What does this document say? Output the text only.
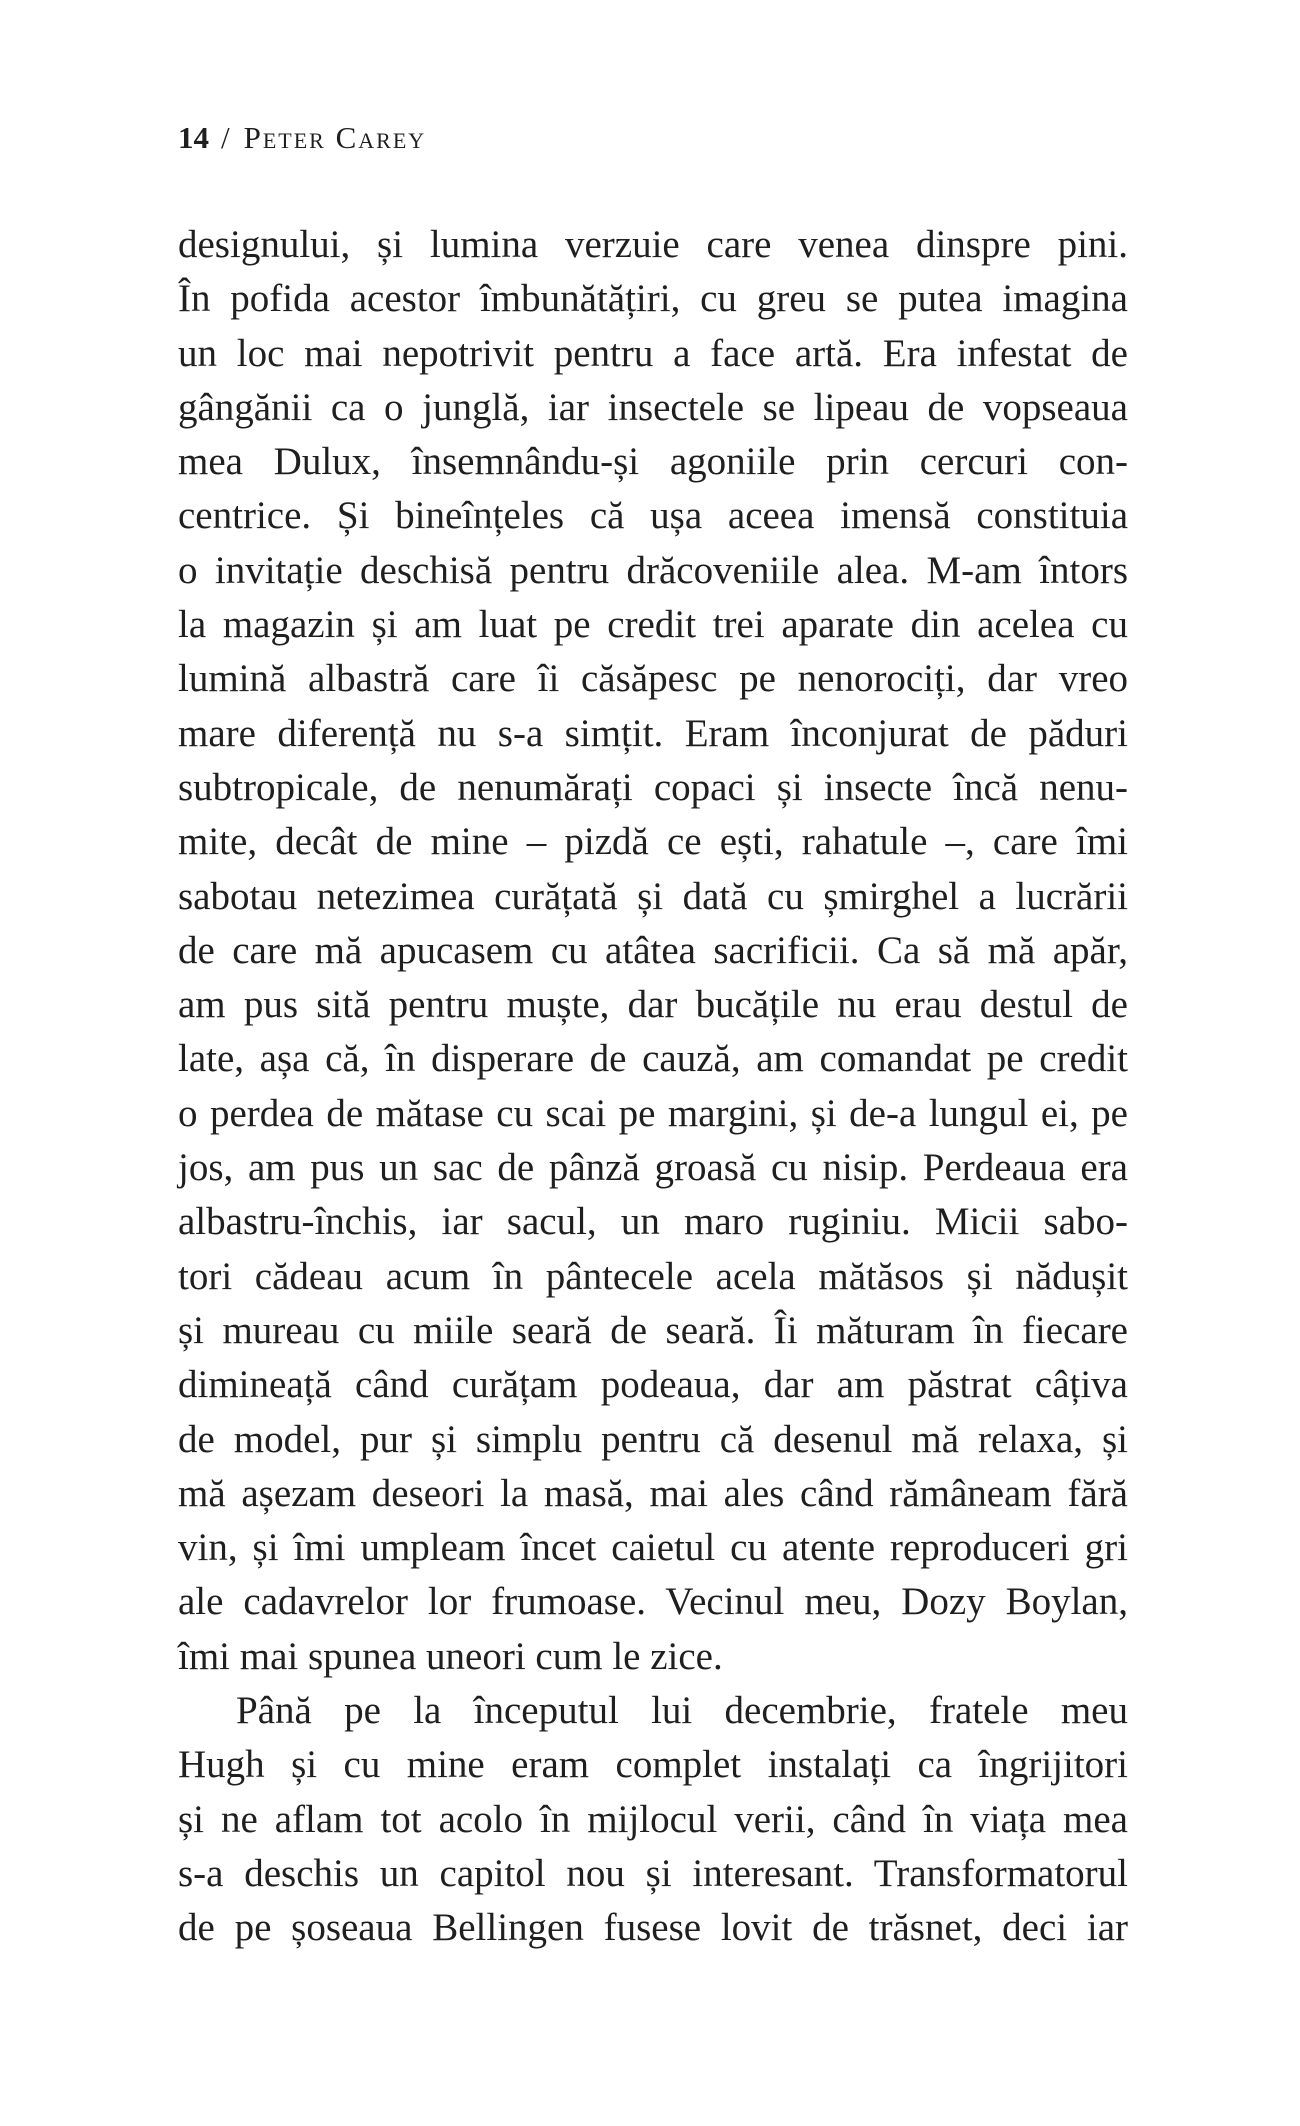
14 / Peter Carey
designului, și lumina verzuie care venea dinspre pini.
În pofida acestor îmbunătățiri, cu greu se putea imagina
un loc mai nepotrivit pentru a face artă. Era infestat de
gângănii ca o junglă, iar insectele se lipeau de vopseaua
mea Dulux, însemnându-și agoniile prin cercuri con-
centrice. Și bineînțeles că ușa aceea imensă constituia
o invitație deschisă pentru drăcoveniile alea. M-am întors
la magazin și am luat pe credit trei aparate din acelea cu
lumină albastră care îi căsăpesc pe nenorociți, dar vreo
mare diferență nu s-a simțit. Eram înconjurat de păduri
subtropicale, de nenumărați copaci și insecte încă nenu-
mite, decât de mine – pizdă ce ești, rahatule –, care îmi
sabotau netezimea curățată și dată cu șmirghel a lucrării
de care mă apucasem cu atâtea sacrificii. Ca să mă apăr,
am pus sită pentru muște, dar bucățile nu erau destul de
late, așa că, în disperare de cauză, am comandat pe credit
o perdea de mătase cu scai pe margini, și de-a lungul ei, pe
jos, am pus un sac de pânză groasă cu nisip. Perdeaua era
albastru-închis, iar sacul, un maro ruginiu. Micii sabo-
tori cădeau acum în pântecele acela mătăsos și nădușit
și mureau cu miile seară de seară. Îi măturam în fiecare
dimineață când curățam podeaua, dar am păstrat câțiva
de model, pur și simplu pentru că desenul mă relaxa, și
mă așezam deseori la masă, mai ales când rămâneam fără
vin, și îmi umpleam încet caietul cu atente reproduceri gri
ale cadavrelor lor frumoase. Vecinul meu, Dozy Boylan,
îmi mai spunea uneori cum le zice.
Până pe la începutul lui decembrie, fratele meu
Hugh și cu mine eram complet instalați ca îngrijitori
și ne aflam tot acolo în mijlocul verii, când în viața mea
s-a deschis un capitol nou și interesant. Transformatorul
de pe șoseaua Bellingen fusese lovit de trăsnet, deci iar
